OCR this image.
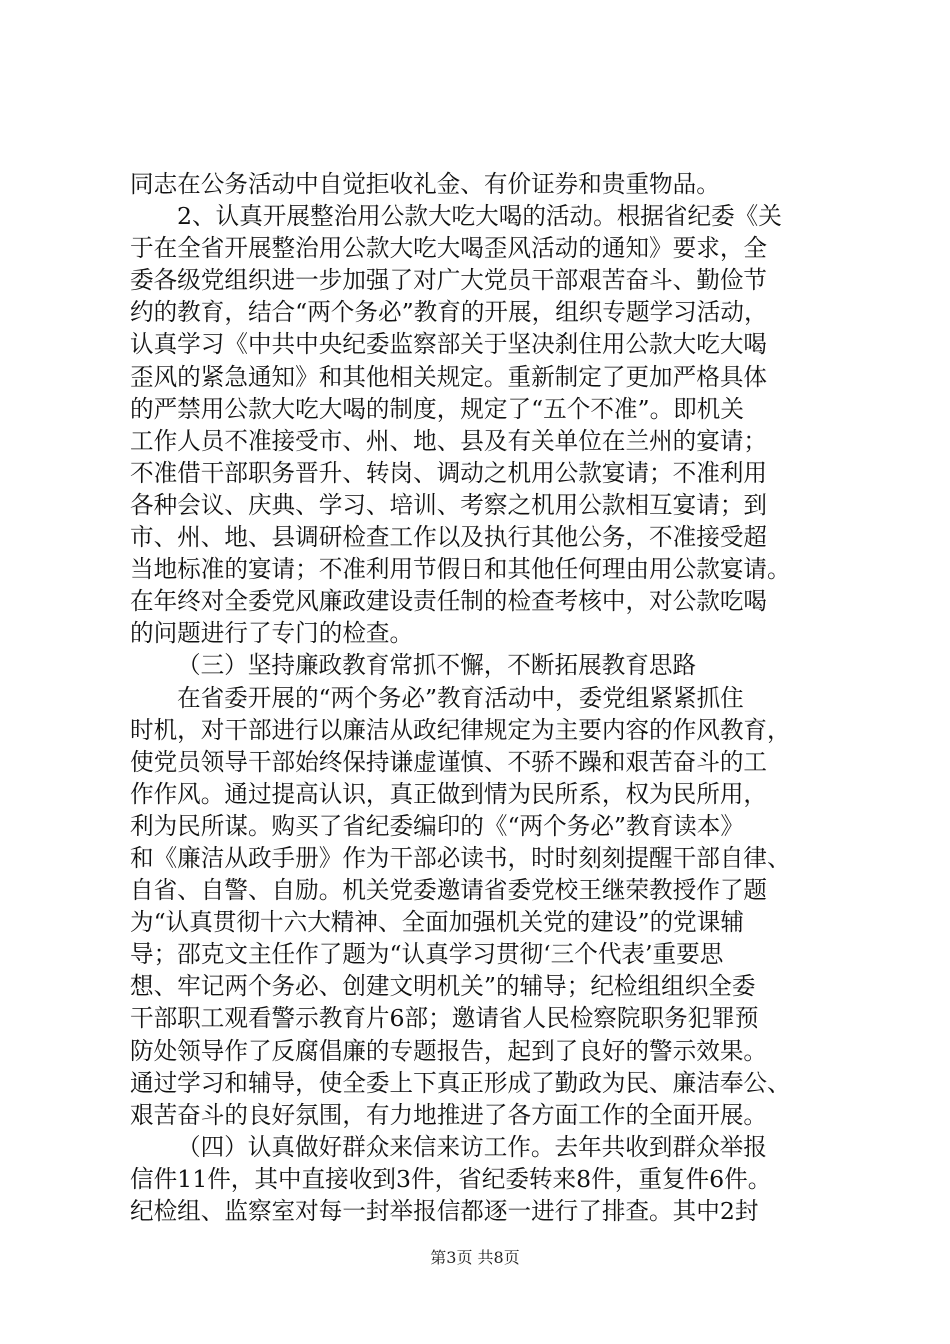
同志在公务活动中自觉拒收礼金、有价证券和贵重物品。
2、认真开展整治用公款大吃大喝的活动。根据省纪委《关
于在全省开展整治用公款大吃大喝歪风活动的通知》要求，全
委各级党组织进一步加强了对广大党员干部艰苦奋斗、勤俭节
约的教育，结合“两个务必”教育的开展，组织专题学习活动，
认真学习《中共中央纪委监察部关于坚决刹住用公款大吃大喝
歪风的紧急通知》和其他相关规定。重新制定了更加严格具体
的严禁用公款大吃大喝的制度，规定了“五个不准”。即机关
工作人员不准接受市、州、地、县及有关单位在兰州的宴请；
不准借干部职务晋升、转岗、调动之机用公款宴请；不准利用
各种会议、庆典、学习、培训、考察之机用公款相互宴请；到
市、州、地、县调研检查工作以及执行其他公务，不准接受超
当地标准的宴请；不准利用节假日和其他任何理由用公款宴请。
在年终对全委党风廉政建设责任制的检查考核中，对公款吃喝
的问题进行了专门的检查。
（三）坚持廉政教育常抓不懈，不断拓展教育思路
在省委开展的“两个务必”教育活动中，委党组紧紧抓住
时机，对干部进行以廉洁从政纪律规定为主要内容的作风教育，
使党员领导干部始终保持谦虚谨慎、不骄不躁和艰苦奋斗的工
作作风。通过提高认识，真正做到情为民所系，权为民所用，
利为民所谋。购买了省纪委编印的《“两个务必”教育读本》
和《廉洁从政手册》作为干部必读书，时时刻刻提醒干部自律、
自省、自警、自励。机关党委邀请省委党校王继荣教授作了题
为“认真贯彻十六大精神、全面加强机关党的建设”的党课辅
导；邵克文主任作了题为“认真学习贯彻‘三个代表’重要思
想、牢记两个务必、创建文明机关”的辅导；纪检组组织全委
干部职工观看警示教育片6部；邀请省人民检察院职务犯罪预
防处领导作了反腐倡廉的专题报告，起到了良好的警示效果。
通过学习和辅导，使全委上下真正形成了勤政为民、廉洁奉公、
艰苦奋斗的良好氛围，有力地推进了各方面工作的全面开展。
（四）认真做好群众来信来访工作。去年共收到群众举报
信件11件，其中直接收到3件，省纪委转来8件，重复件6件。
纪检组、监察室对每一封举报信都逐一进行了排查。其中2封
第3页 共8页
